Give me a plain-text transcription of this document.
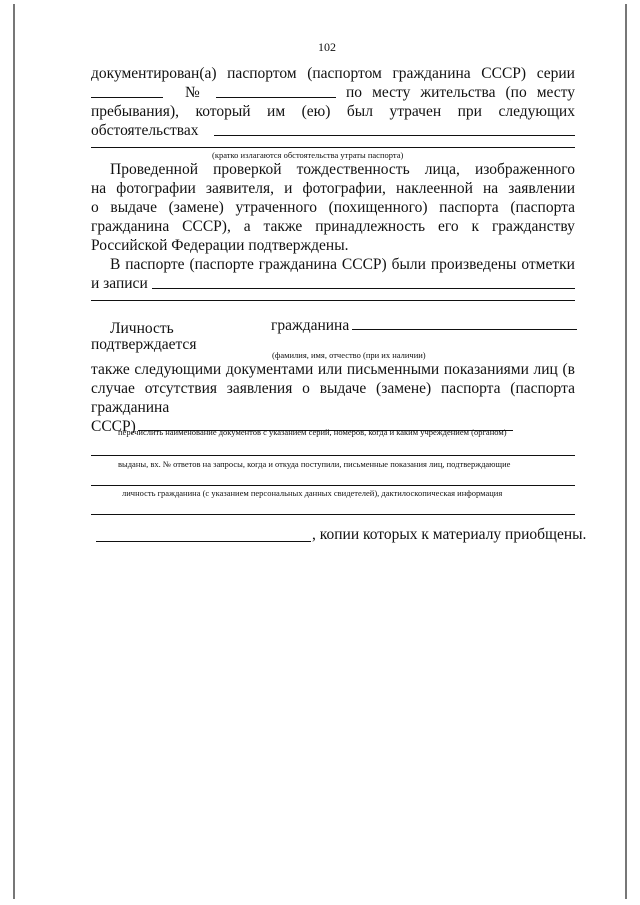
102
документирован(а) паспортом (паспортом гражданина СССР) серии
№	по месту жительства (по месту
пребывания), который им (ею) был утрачен при следующих
обстоятельствах
(кратко излагаются обстоятельства утраты паспорта)
Проведенной проверкой тождественность лица, изображенного
на фотографии заявителя, и фотографии, наклеенной на заявлении
о выдаче (замене) утраченного (похищенного) паспорта (паспорта
гражданина СССР), а также принадлежность его к гражданству
Российской Федерации подтверждены.
В паспорте (паспорте гражданина СССР) были произведены отметки
и записи
Личность	гражданина
подтверждается
(фамилия, имя, отчество (при их наличии)
также следующими документами или письменными показаниями лиц (в
случае отсутствия заявления о выдаче (замене) паспорта (паспорта
гражданина
СССР)
перечислить наименование документов с указанием серий, номеров, когда и каким учреждением (органом)
выданы, вх. № ответов на запросы, когда и откуда поступили, письменные показания лиц, подтверждающие
личность гражданина (с указанием персональных данных свидетелей), дактилоскопическая информация
, копии которых к материалу приобщены.
